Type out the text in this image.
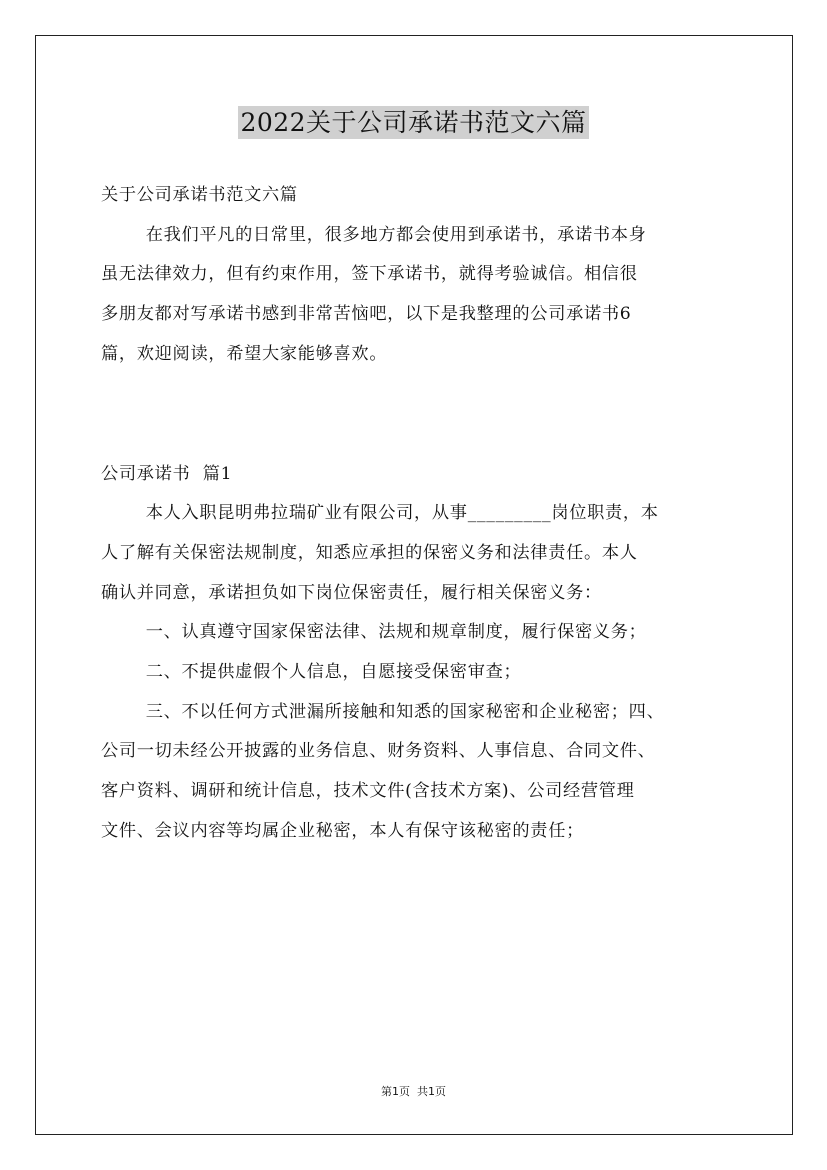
2022关于公司承诺书范文六篇

关于公司承诺书范文六篇

在我们平凡的日常里，很多地方都会使用到承诺书，承诺书本身

虽无法律效力，但有约束作用，签下承诺书，就得考验诚信。相信很

多朋友都对写承诺书感到非常苦恼吧，以下是我整理的公司承诺书6

篇，欢迎阅读，希望大家能够喜欢。

公司承诺书  篇1

本人入职昆明弗拉瑞矿业有限公司，从事_________岗位职责，本

人了解有关保密法规制度，知悉应承担的保密义务和法律责任。本人

确认并同意，承诺担负如下岗位保密责任，履行相关保密义务：

一、认真遵守国家保密法律、法规和规章制度，履行保密义务；

二、不提供虚假个人信息，自愿接受保密审查；

三、不以任何方式泄漏所接触和知悉的国家秘密和企业秘密；四、

公司一切未经公开披露的业务信息、财务资料、人事信息、合同文件、

客户资料、调研和统计信息，技术文件(含技术方案)、公司经营管理

文件、会议内容等均属企业秘密，本人有保守该秘密的责任；

第1页  共1页
